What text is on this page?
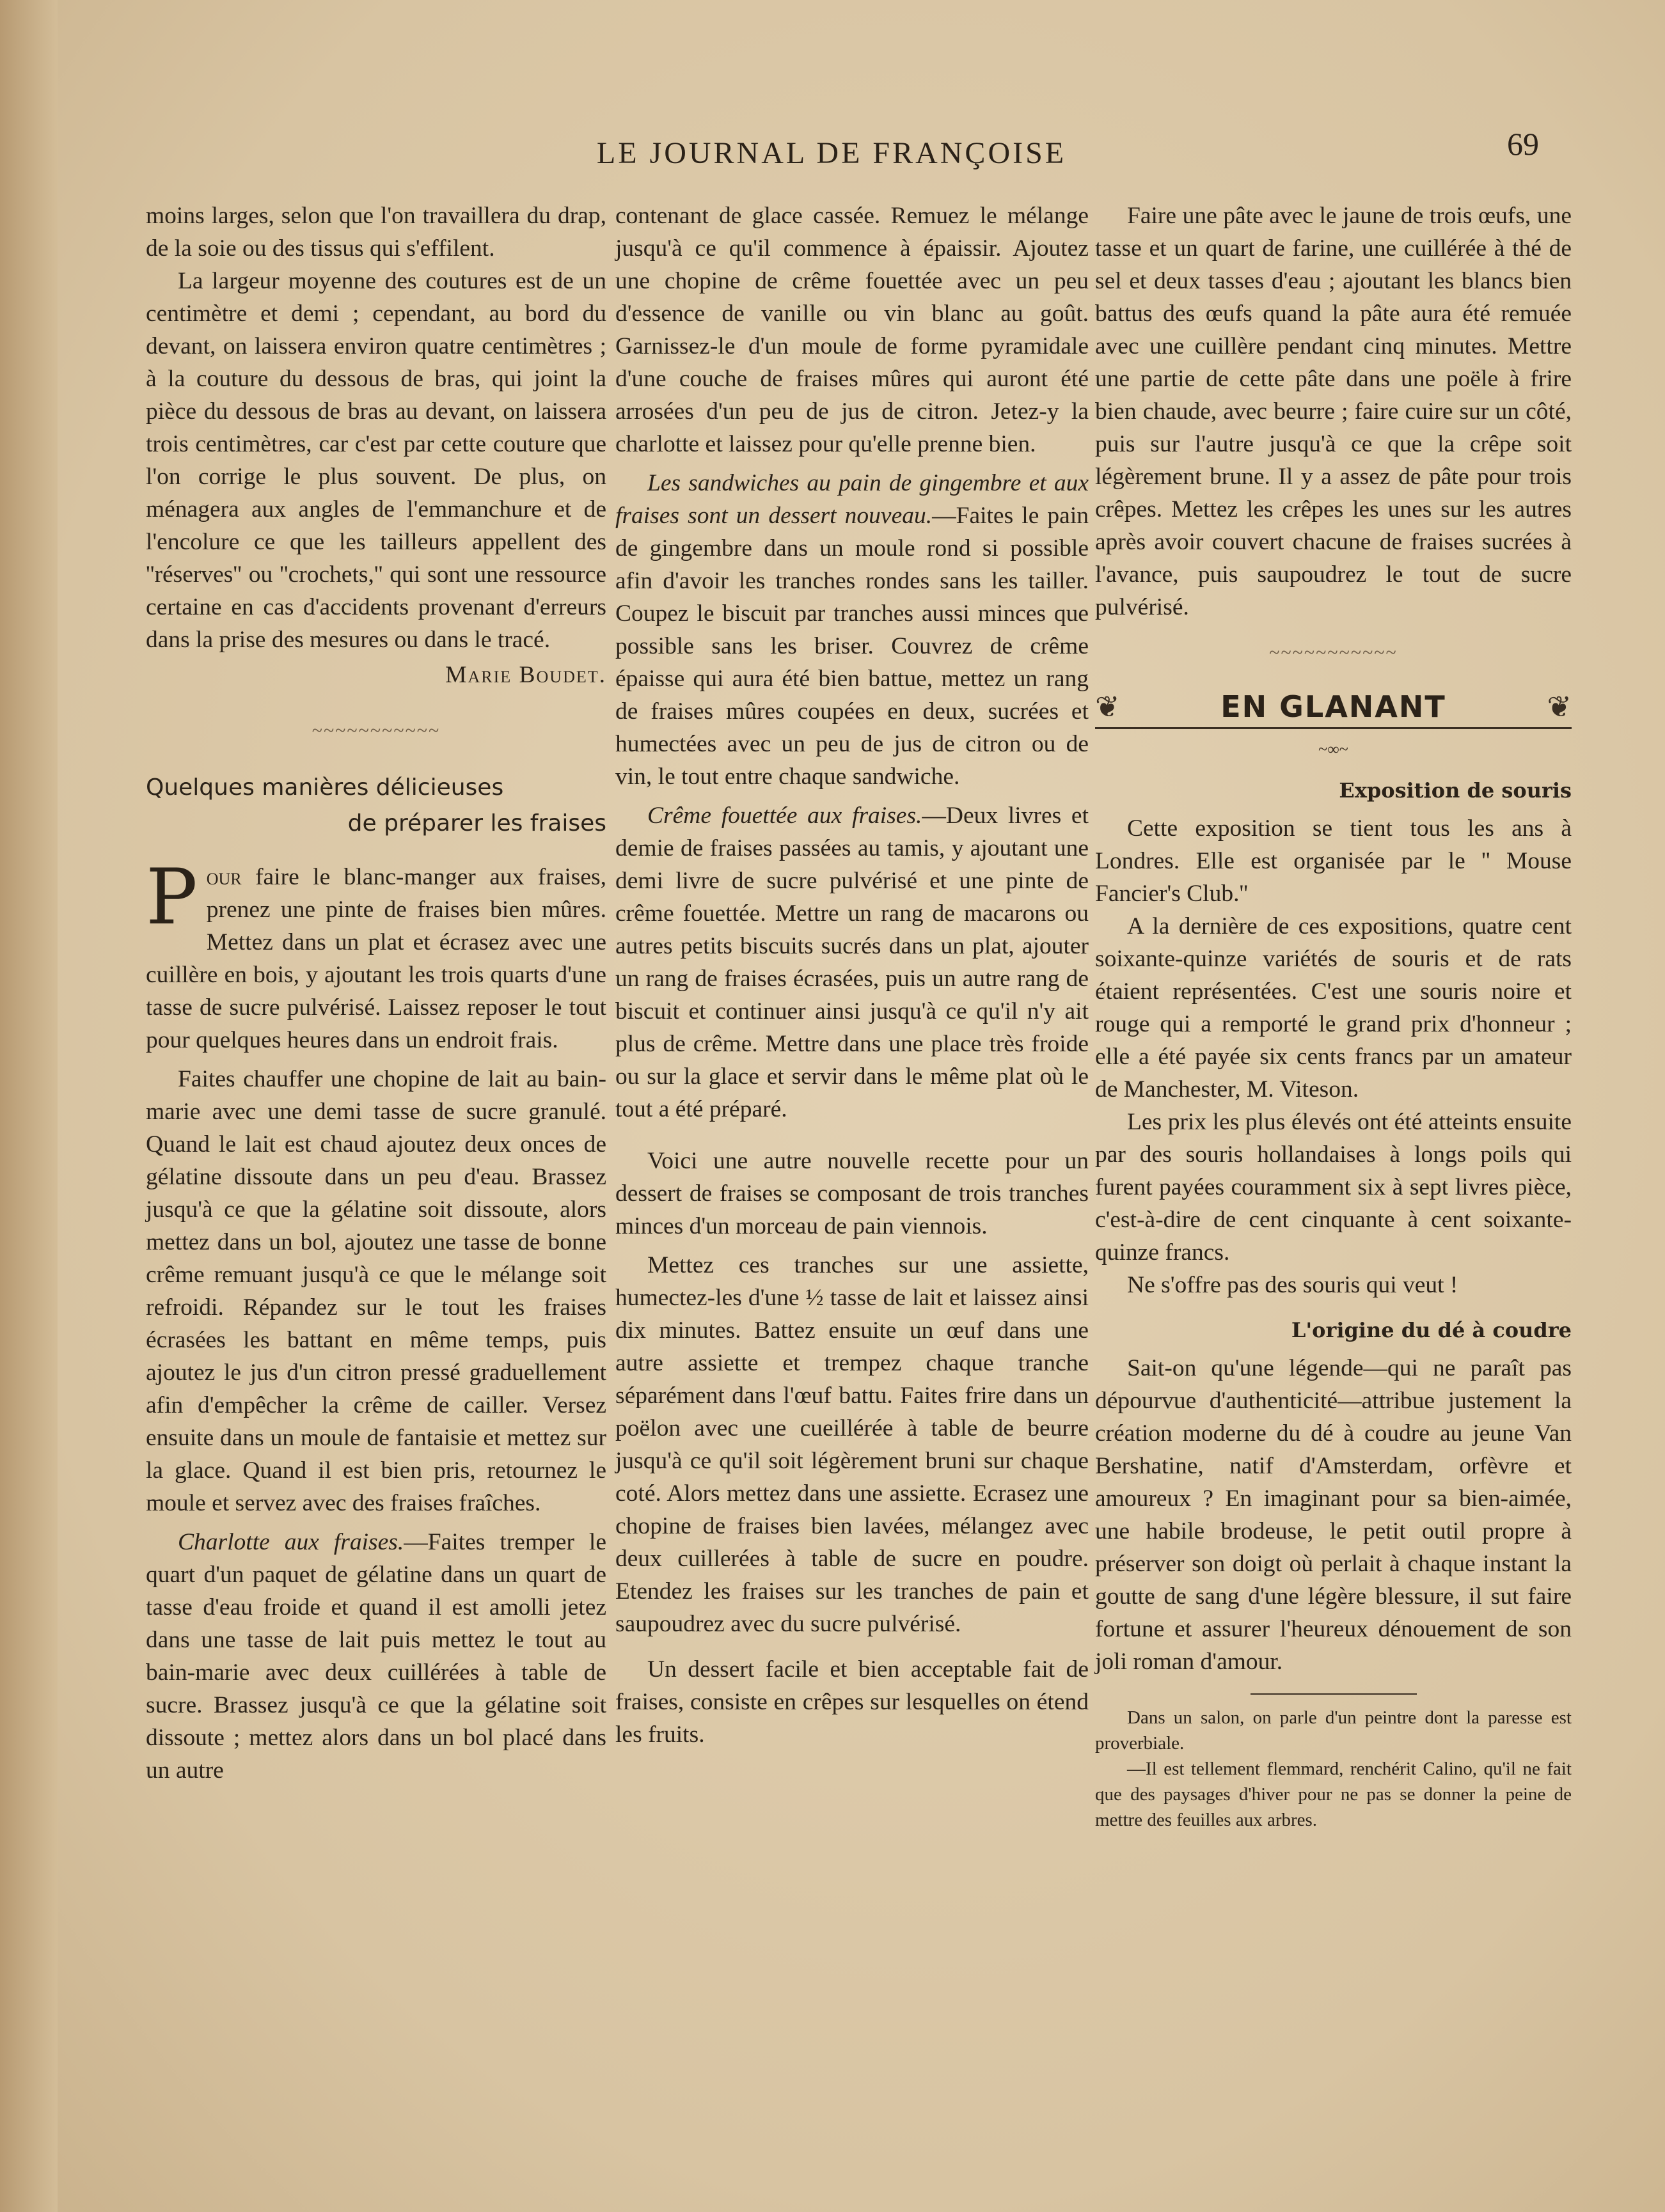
LE JOURNAL DE FRANÇOISE	69

moins larges, selon que l'on travaillera du drap, de la soie ou des tissus qui s'effilent.

La largeur moyenne des coutures est de un centimètre et demi ; cependant, au bord du devant, on laissera environ quatre centimètres ; à la couture du dessous de bras, qui joint la pièce du dessous de bras au devant, on laissera trois centimètres, car c'est par cette couture que l'on corrige le plus souvent. De plus, on ménagera aux angles de l'emmanchure et de l'encolure ce que les tailleurs appellent des ''réserves'' ou ''crochets,'' qui sont une ressource certaine en cas d'accidents provenant d'erreurs dans la prise des mesures ou dans le tracé.

Marie Boudet.

~~~~~~~~~~~

Quelques manières délicieuses
de préparer les fraises

Pour faire le blanc-manger aux fraises, prenez une pinte de fraises bien mûres. Mettez dans un plat et écrasez avec une cuillère en bois, y ajoutant les trois quarts d'une tasse de sucre pulvérisé. Laissez reposer le tout pour quelques heures dans un endroit frais.

Faites chauffer une chopine de lait au bain-marie avec une demi tasse de sucre granulé. Quand le lait est chaud ajoutez deux onces de gélatine dissoute dans un peu d'eau. Brassez jusqu'à ce que la gélatine soit dissoute, alors mettez dans un bol, ajoutez une tasse de bonne crême remuant jusqu'à ce que le mélange soit refroidi. Répandez sur le tout les fraises écrasées les battant en même temps, puis ajoutez le jus d'un citron pressé graduellement afin d'empêcher la crême de cailler. Versez ensuite dans un moule de fantaisie et mettez sur la glace. Quand il est bien pris, retournez le moule et servez avec des fraises fraîches.

Charlotte aux fraises.—Faites tremper le quart d'un paquet de gélatine dans un quart de tasse d'eau froide et quand il est amolli jetez dans une tasse de lait puis mettez le tout au bain-marie avec deux cuillérées à table de sucre. Brassez jusqu'à ce que la gélatine soit dissoute ; mettez alors dans un bol placé dans un autre

contenant de glace cassée. Remuez le mélange jusqu'à ce qu'il commence à épaissir. Ajoutez une chopine de crême fouettée avec un peu d'essence de vanille ou vin blanc au goût. Garnissez-le d'un moule de forme pyramidale d'une couche de fraises mûres qui auront été arrosées d'un peu de jus de citron. Jetez-y la charlotte et laissez pour qu'elle prenne bien.

Les sandwiches au pain de gingembre et aux fraises sont un dessert nouveau.—Faites le pain de gingembre dans un moule rond si possible afin d'avoir les tranches rondes sans les tailler. Coupez le biscuit par tranches aussi minces que possible sans les briser. Couvrez de crême épaisse qui aura été bien battue, mettez un rang de fraises mûres coupées en deux, sucrées et humectées avec un peu de jus de citron ou de vin, le tout entre chaque sandwiche.

Crême fouettée aux fraises.—Deux livres et demie de fraises passées au tamis, y ajoutant une demi livre de sucre pulvérisé et une pinte de crême fouettée. Mettre un rang de macarons ou autres petits biscuits sucrés dans un plat, ajouter un rang de fraises écrasées, puis un autre rang de biscuit et continuer ainsi jusqu'à ce qu'il n'y ait plus de crême. Mettre dans une place très froide ou sur la glace et servir dans le même plat où le tout a été préparé.

Voici une autre nouvelle recette pour un dessert de fraises se composant de trois tranches minces d'un morceau de pain viennois.

Mettez ces tranches sur une assiette, humectez-les d'une ½ tasse de lait et laissez ainsi dix minutes. Battez ensuite un œuf dans une autre assiette et trempez chaque tranche séparément dans l'œuf battu. Faites frire dans un poëlon avec une cueillérée à table de beurre jusqu'à ce qu'il soit légèrement bruni sur chaque coté. Alors mettez dans une assiette. Ecrasez une chopine de fraises bien lavées, mélangez avec deux cuillerées à table de sucre en poudre. Etendez les fraises sur les tranches de pain et saupoudrez avec du sucre pulvérisé.

Un dessert facile et bien acceptable fait de fraises, consiste en crêpes sur lesquelles on étend les fruits.

Faire une pâte avec le jaune de trois œufs, une tasse et un quart de farine, une cuillérée à thé de sel et deux tasses d'eau ; ajoutant les blancs bien battus des œufs quand la pâte aura été remuée avec une cuillère pendant cinq minutes. Mettre une partie de cette pâte dans une poële à frire bien chaude, avec beurre ; faire cuire sur un côté, puis sur l'autre jusqu'à ce que la crêpe soit légèrement brune. Il y a assez de pâte pour trois crêpes. Mettez les crêpes les unes sur les autres après avoir couvert chacune de fraises sucrées à l'avance, puis saupoudrez le tout de sucre pulvérisé.

~~~~~~~~~~~
❦	EN GLANANT	❦
~∞~

Exposition de souris

Cette exposition se tient tous les ans à Londres. Elle est organisée par le '' Mouse Fancier's Club.''

A la dernière de ces expositions, quatre cent soixante-quinze variétés de souris et de rats étaient représentées. C'est une souris noire et rouge qui a remporté le grand prix d'honneur ; elle a été payée six cents francs par un amateur de Manchester, M. Viteson.

Les prix les plus élevés ont été atteints ensuite par des souris hollandaises à longs poils qui furent payées couramment six à sept livres pièce, c'est-à-dire de cent cinquante à cent soixante-quinze francs.

Ne s'offre pas des souris qui veut !

L'origine du dé à coudre

Sait-on qu'une légende—qui ne paraît pas dépourvue d'authenticité—attribue justement la création moderne du dé à coudre au jeune Van Bershatine, natif d'Amsterdam, orfèvre et amoureux ? En imaginant pour sa bien-aimée, une habile brodeuse, le petit outil propre à préserver son doigt où perlait à chaque instant la goutte de sang d'une légère blessure, il sut faire fortune et assurer l'heureux dénouement de son joli roman d'amour.

Dans un salon, on parle d'un peintre dont la paresse est proverbiale.

—Il est tellement flemmard, renchérit Calino, qu'il ne fait que des paysages d'hiver pour ne pas se donner la peine de mettre des feuilles aux arbres.
